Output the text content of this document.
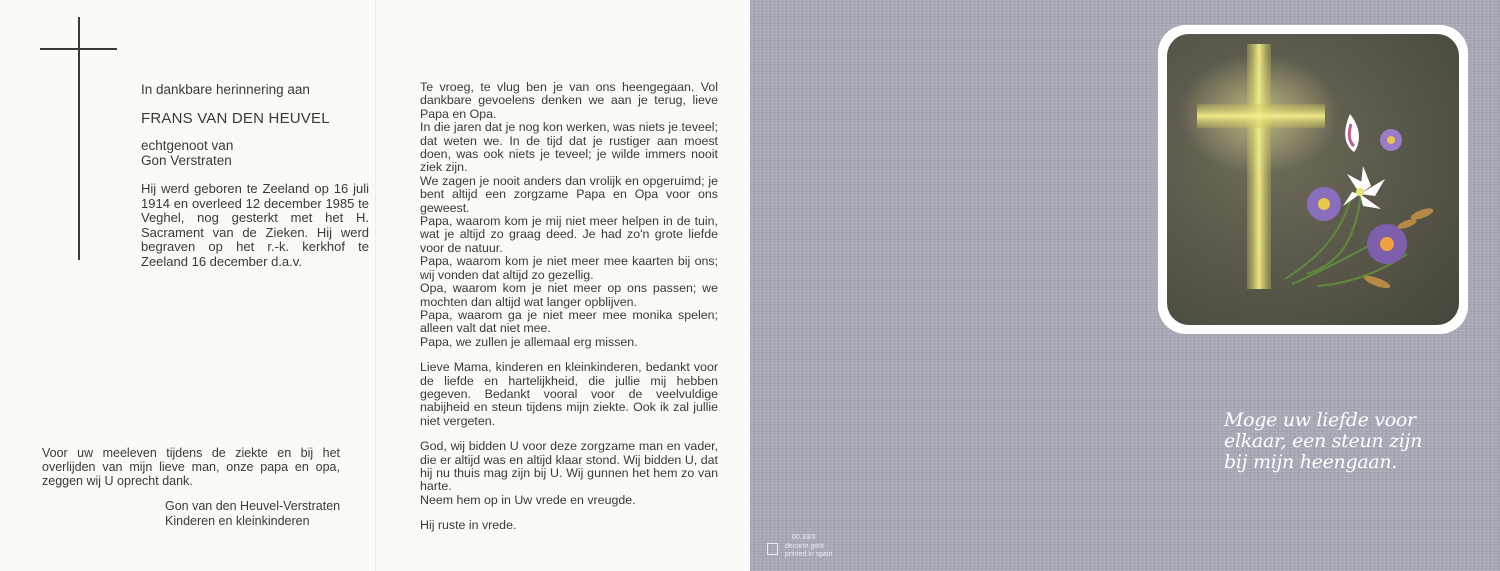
In dankbare herinnering aan

FRANS VAN DEN HEUVEL

echtgenoot van

Gon Verstraten

Hij werd geboren te Zeeland op 16 juli 1914 en overleed 12 december 1985 te Veghel, nog gesterkt met het H. Sacrament van de Zieken. Hij werd begraven op het r.-k. kerkhof te Zeeland 16 december d.a.v.

Voor uw meeleven tijdens de ziekte en bij het overlijden van mijn lieve man, onze papa en opa, zeggen wij U oprecht dank.
Gon van den Heuvel-Verstraten
Kinderen en kleinkinderen

Te vroeg, te vlug ben je van ons heengegaan. Vol dankbare gevoelens denken we aan je terug, lieve Papa en Opa.

In die jaren dat je nog kon werken, was niets je teveel; dat weten we. In de tijd dat je rustiger aan moest doen, was ook niets je teveel; je wilde immers nooit ziek zijn.

We zagen je nooit anders dan vrolijk en opgeruimd; je bent altijd een zorgzame Papa en Opa voor ons geweest.

Papa, waarom kom je mij niet meer helpen in de tuin, wat je altijd zo graag deed. Je had zo'n grote liefde voor de natuur.

Papa, waarom kom je niet meer mee kaarten bij ons; wij vonden dat altijd zo gezellig.

Opa, waarom kom je niet meer op ons passen; we mochten dan altijd wat langer opblijven.

Papa, waarom ga je niet meer mee monika spelen; alleen valt dat niet mee.

Papa, we zullen je allemaal erg missen.

Lieve Mama, kinderen en kleinkinderen, bedankt voor de liefde en hartelijkheid, die jullie mij hebben gegeven. Bedankt vooral voor de veelvuldige nabijheid en steun tijdens mijn ziekte. Ook ik zal jullie niet vergeten.

God, wij bidden U voor deze zorgzame man en vader, die er altijd was en altijd klaar stond. Wij bidden U, dat hij nu thuis mag zijn bij U. Wij gunnen het hem zo van harte.

Neem hem op in Uw vrede en vreugde.

Hij ruste in vrede.

Moge uw liefde voor
elkaar, een steun zijn
bij mijn heengaan.
60.33/3
decorte gent
printed in spain
